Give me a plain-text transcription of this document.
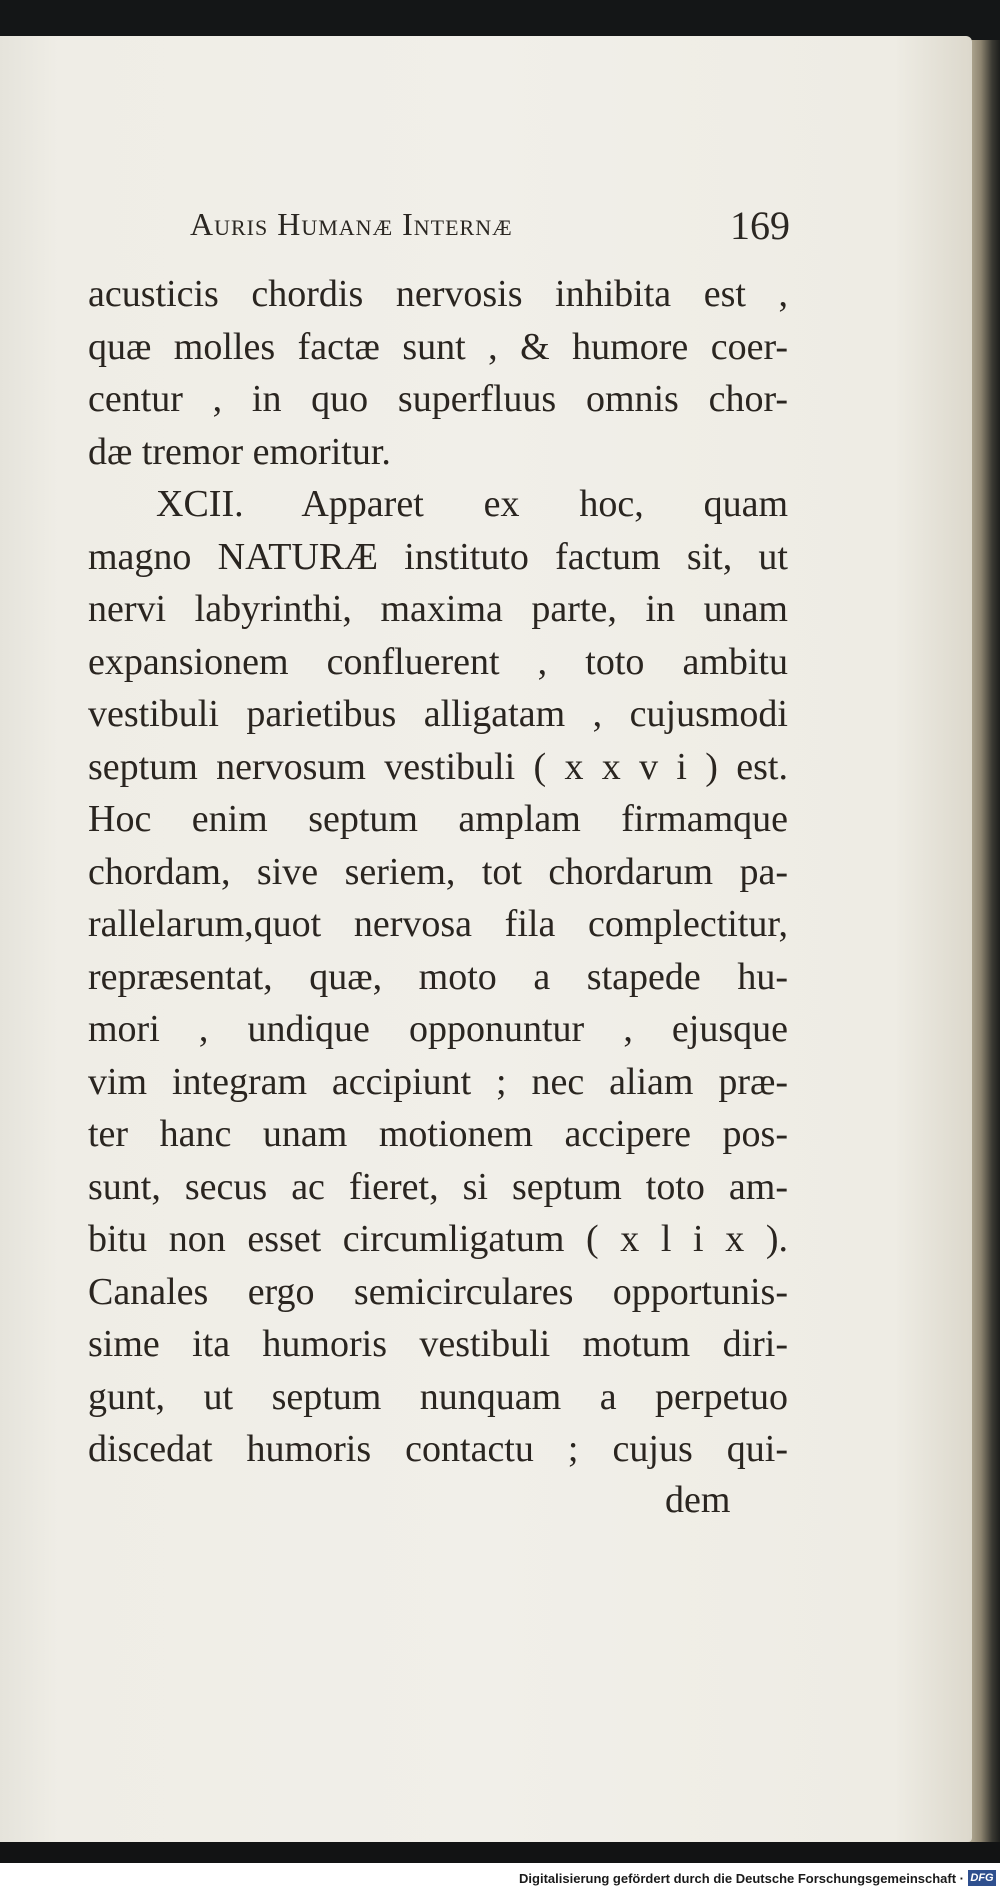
Auris Humanæ Internæ	169
acusticis chordis nervosis inhibita est ,
quæ molles factæ sunt , & humore coer-
centur , in quo superfluus omnis chor-
dæ tremor emoritur.
XCII. Apparet ex hoc, quam
magno NATURÆ instituto factum sit, ut
nervi labyrinthi, maxima parte, in unam
expansionem confluerent , toto ambitu
vestibuli parietibus alligatam , cujusmodi
septum nervosum vestibuli ( x x v i ) est.
Hoc enim septum amplam firmamque
chordam, sive seriem, tot chordarum pa-
rallelarum,quot nervosa fila complectitur,
repræsentat, quæ, moto a stapede hu-
mori , undique opponuntur , ejusque
vim integram accipiunt ; nec aliam præ-
ter hanc unam motionem accipere pos-
sunt, secus ac fieret, si septum toto am-
bitu non esset circumligatum ( x l i x ).
Canales ergo semicirculares opportunis-
sime ita humoris vestibuli motum diri-
gunt, ut septum nunquam a perpetuo
discedat humoris contactu ; cujus qui-
dem
Digitalisierung gefördert durch die Deutsche Forschungsgemeinschaft · DFG
